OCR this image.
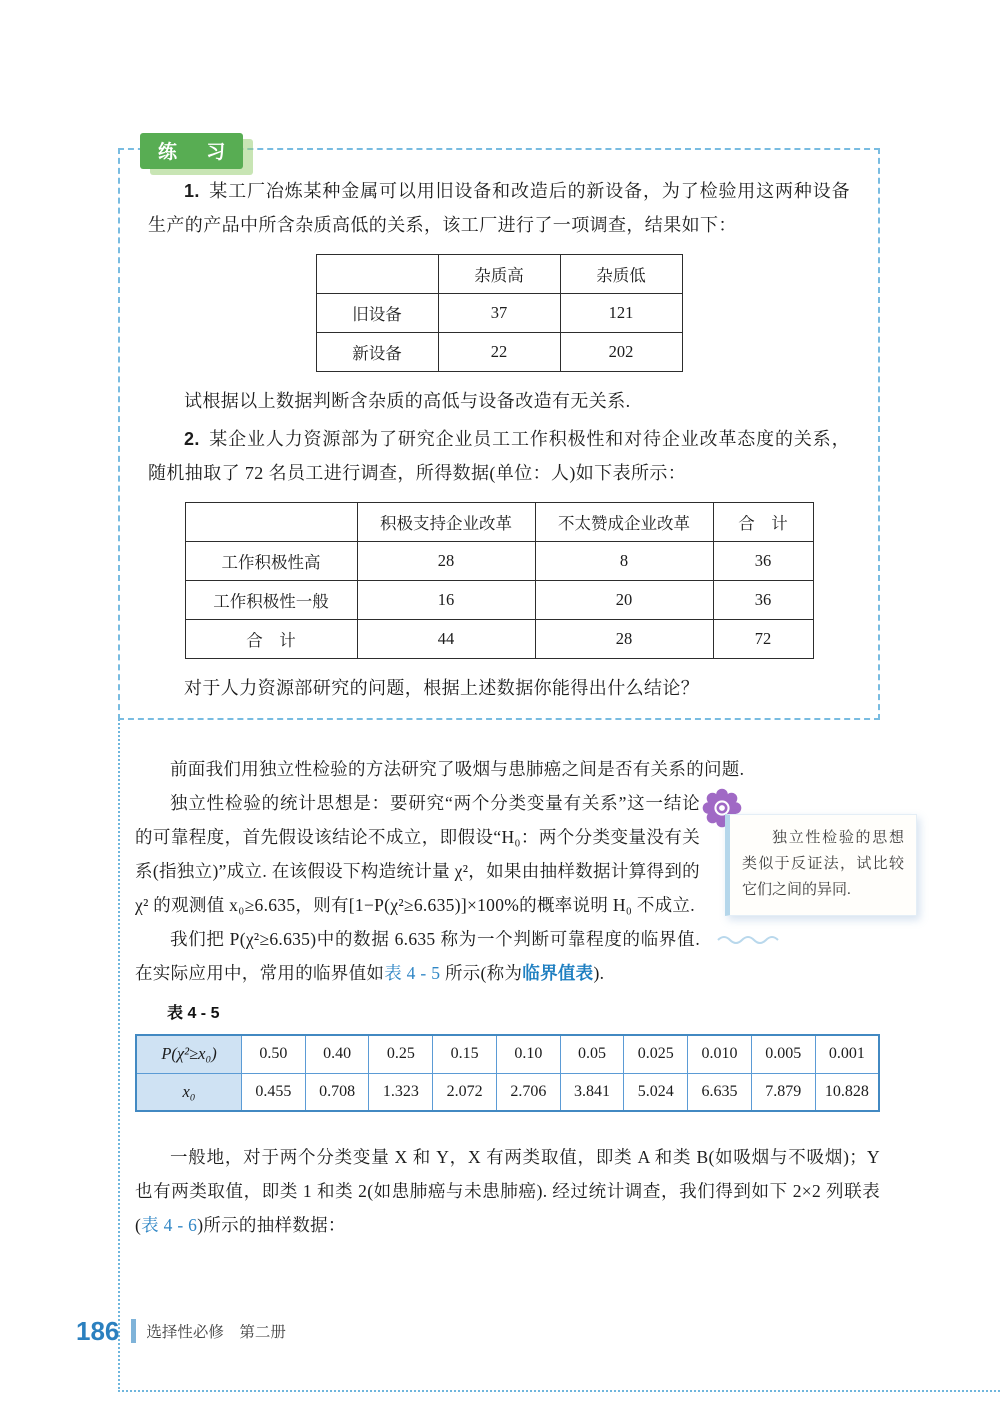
练 习

1. 某工厂冶炼某种金属可以用旧设备和改造后的新设备，为了检验用这两种设备生产的产品中所含杂质高低的关系，该工厂进行了一项调查，结果如下：

	杂质高	杂质低
旧设备	37	121
新设备	22	202

试根据以上数据判断含杂质的高低与设备改造有无关系.

2. 某企业人力资源部为了研究企业员工工作积极性和对待企业改革态度的关系，随机抽取了 72 名员工进行调查，所得数据(单位：人)如下表所示：

	积极支持企业改革	不太赞成企业改革	合　计
工作积极性高	28	8	36
工作积极性一般	16	20	36
合　计	44	28	72

对于人力资源部研究的问题，根据上述数据你能得出什么结论？

前面我们用独立性检验的方法研究了吸烟与患肺癌之间是否有关系的问题.

独立性检验的思想类似于反证法，试比较它们之间的异同.

独立性检验的统计思想是：要研究“两个分类变量有关系”这一结论的可靠程度，首先假设该结论不成立，即假设“H₀：两个分类变量没有关系(指独立)”成立. 在该假设下构造统计量 χ²，如果由抽样数据计算得到的 χ² 的观测值 x₀≥6.635，则有[1−P(χ²≥6.635)]×100%的概率说明 H₀ 不成立.

我们把 P(χ²≥6.635)中的数据 6.635 称为一个判断可靠程度的临界值. 在实际应用中，常用的临界值如表 4 - 5 所示(称为临界值表).

表 4 - 5
P(χ²≥x₀)	0.50	0.40	0.25	0.15	0.10	0.05	0.025	0.010	0.005	0.001
x₀	0.455	0.708	1.323	2.072	2.706	3.841	5.024	6.635	7.879	10.828

一般地，对于两个分类变量 X 和 Y，X 有两类取值，即类 A 和类 B(如吸烟与不吸烟)；Y 也有两类取值，即类 1 和类 2(如患肺癌与未患肺癌). 经过统计调查，我们得到如下 2×2 列联表(表 4 - 6)所示的抽样数据：

186 选择性必修　第二册
